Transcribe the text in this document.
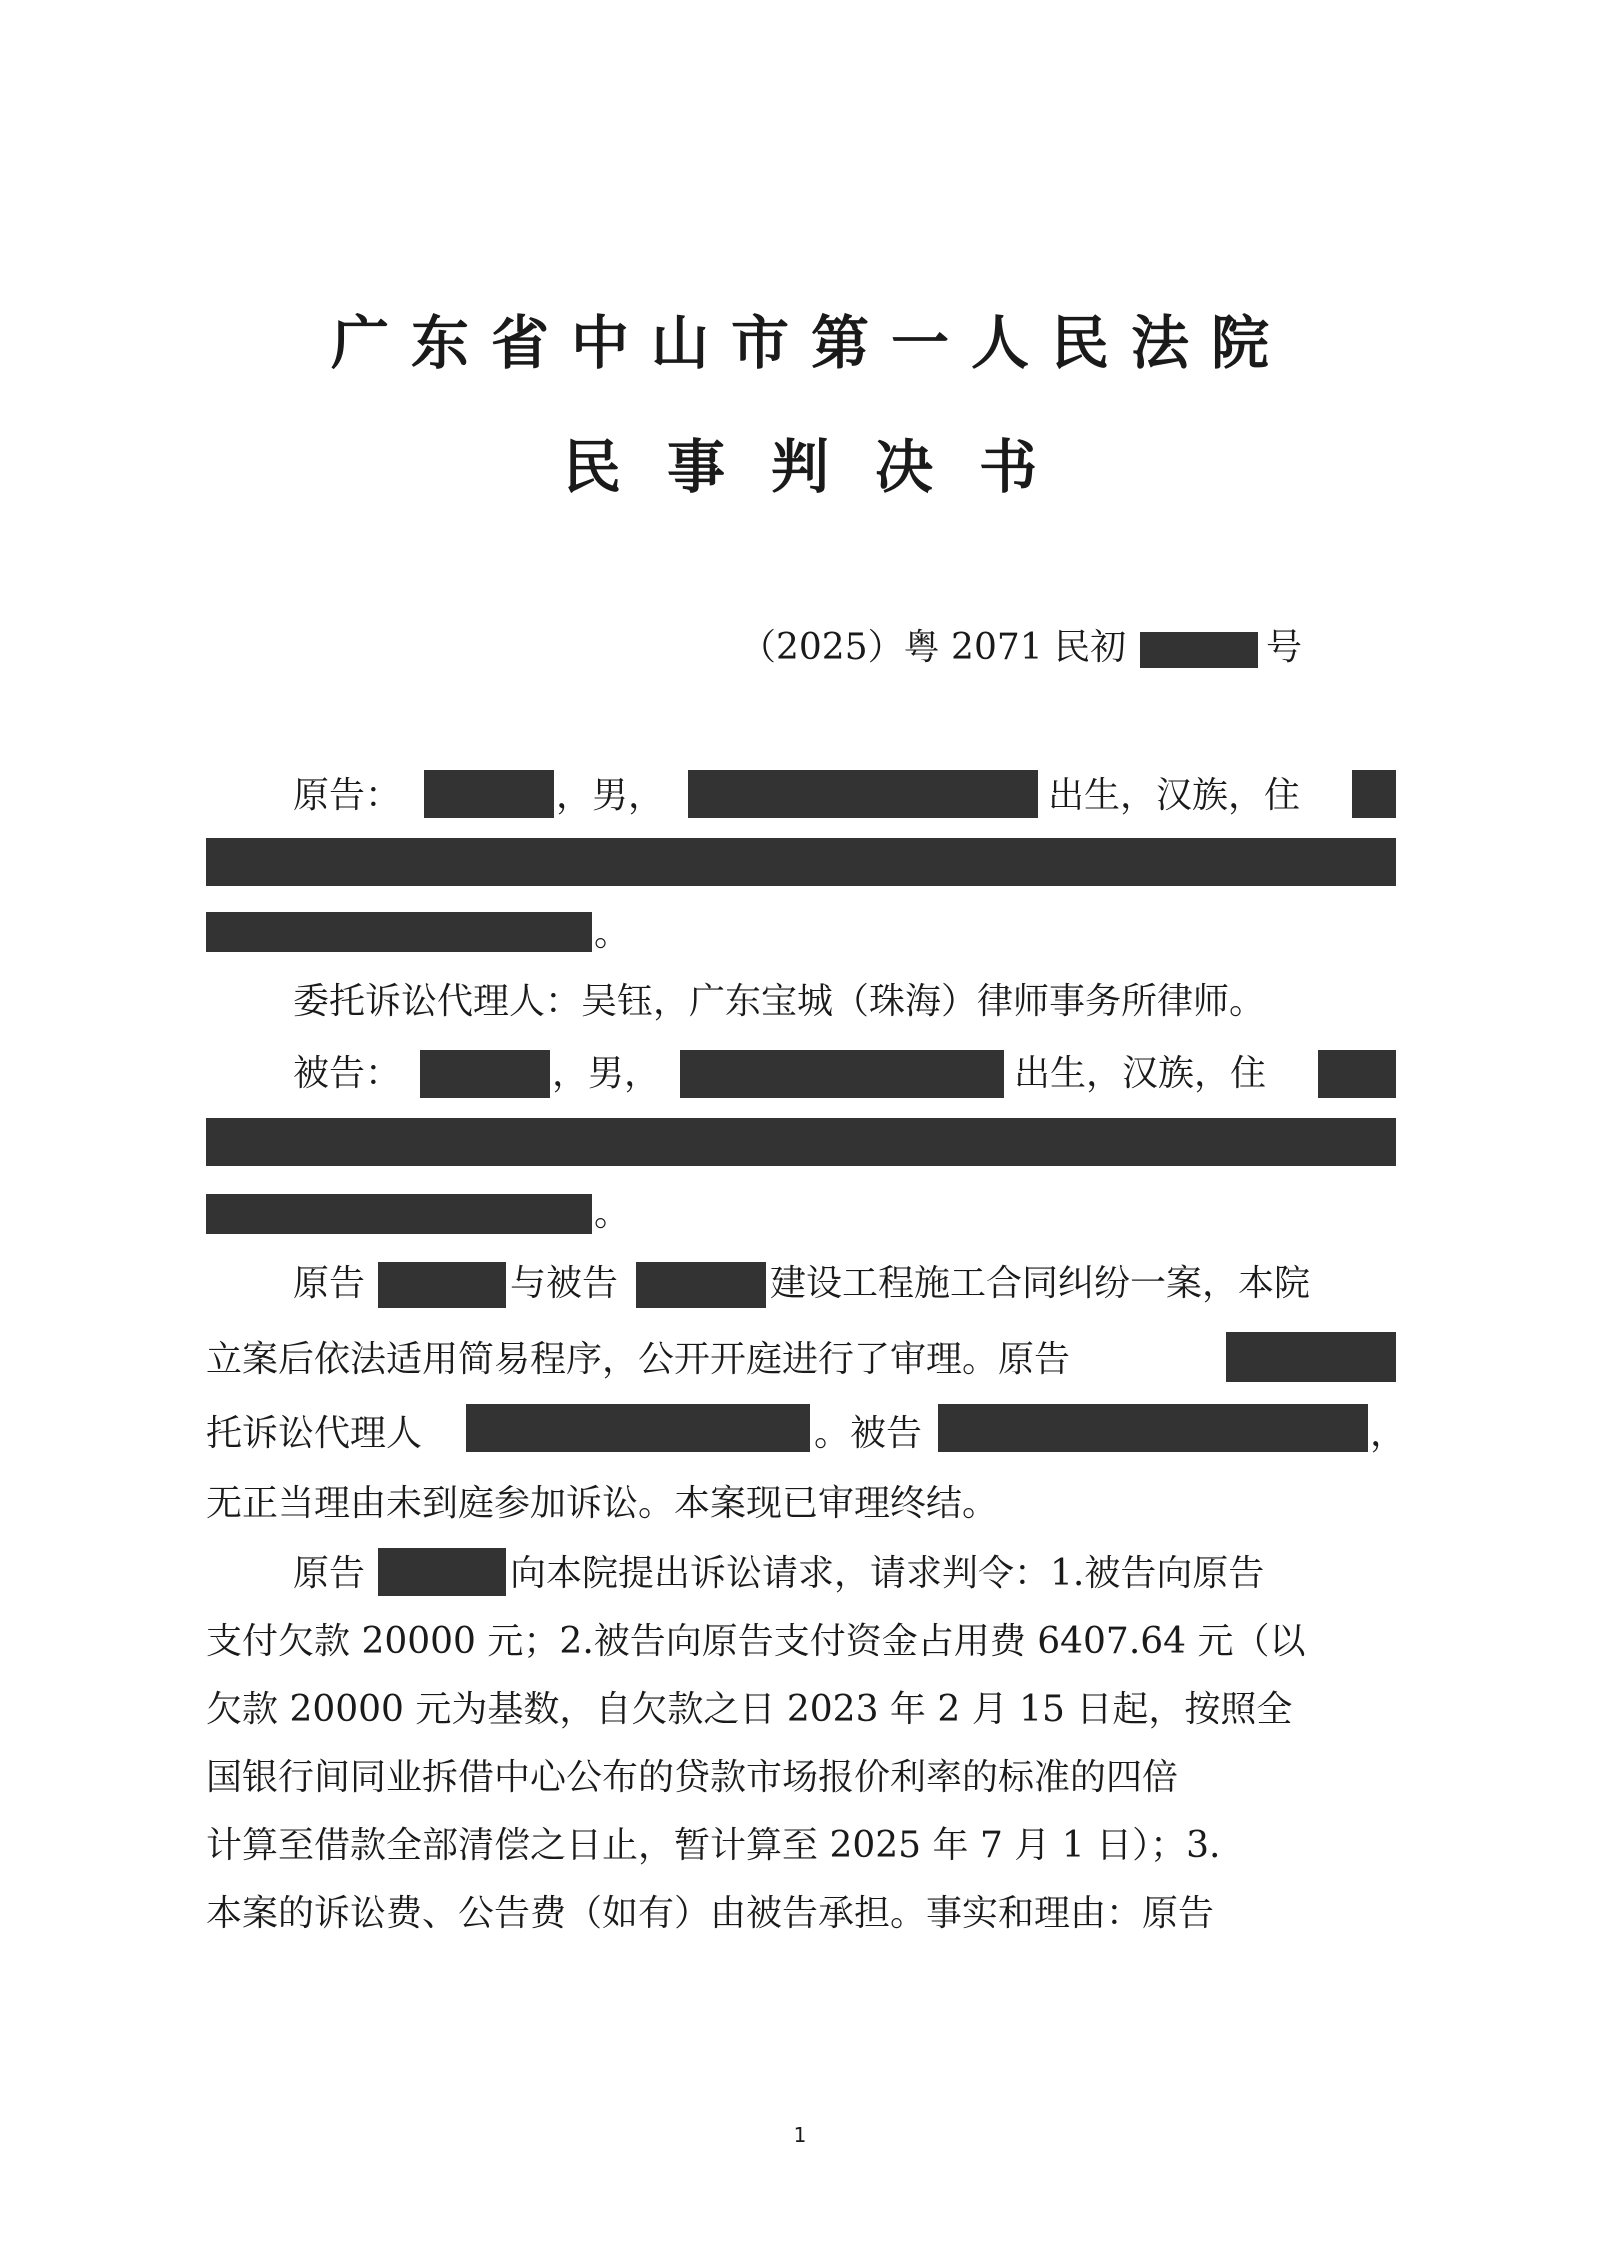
广东省中山市第一人民法院
民事判决书
（2025）粤 2071 民初	号
原告：	，男，	出生，汉族，住
。
委托诉讼代理人：吴钰，广东宝城（珠海）律师事务所律师。
被告：	，男，	出生，汉族，住
。
原告	与被告	建设工程施工合同纠纷一案，本院
立案后依法适用简易程序，公开开庭进行了审理。原告
托诉讼代理人	。被告	，
无正当理由未到庭参加诉讼。本案现已审理终结。
原告	向本院提出诉讼请求，请求判令：1.被告向原告
支付欠款 20000 元；2.被告向原告支付资金占用费 6407.64 元（以
欠款 20000 元为基数，自欠款之日 2023 年 2 月 15 日起，按照全
国银行间同业拆借中心公布的贷款市场报价利率的标准的四倍
计算至借款全部清偿之日止，暂计算至 2025 年 7 月 1 日）；3.
本案的诉讼费、公告费（如有）由被告承担。事实和理由：原告
1
